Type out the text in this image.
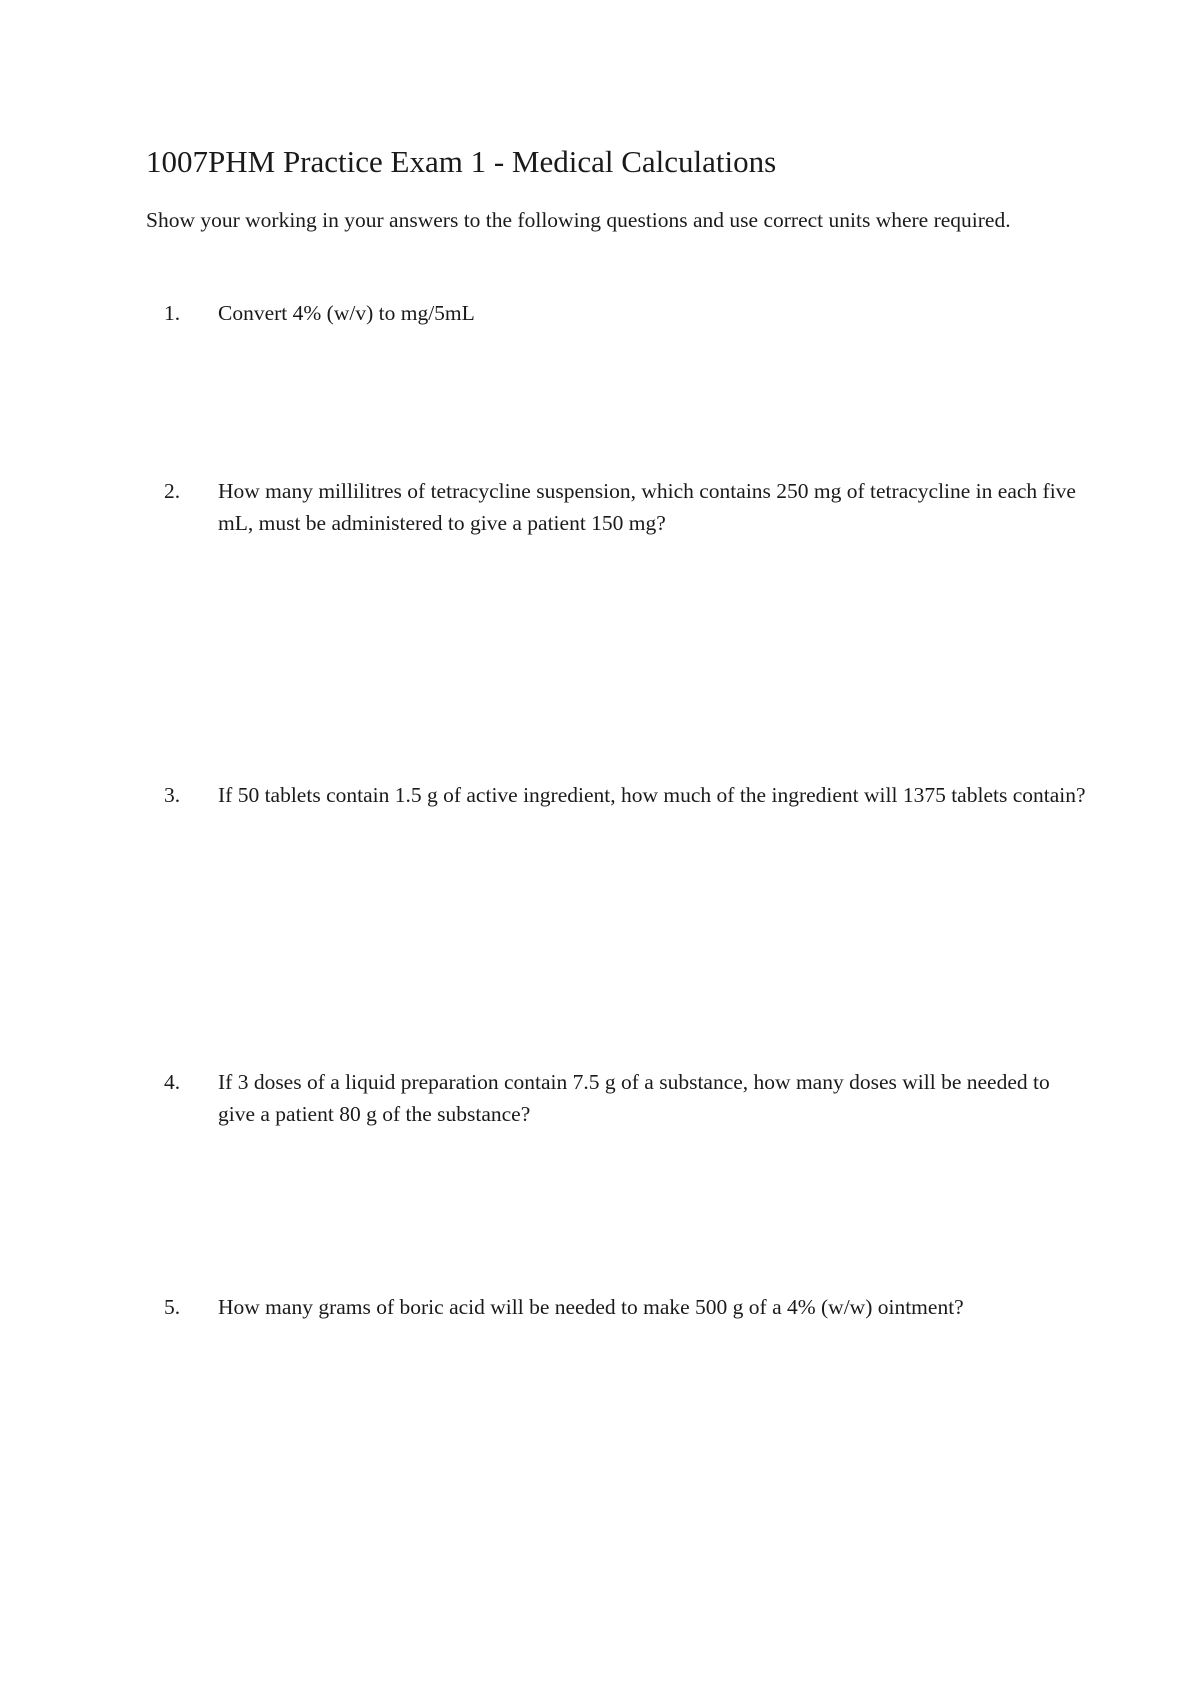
1007PHM Practice Exam 1 - Medical Calculations

Show your working in your answers to the following questions and use correct units where required.

1. Convert 4% (w/v) to mg/5mL
2. How many millilitres of tetracycline suspension, which contains 250 mg of tetracycline in each five mL, must be administered to give a patient 150 mg?
3. If 50 tablets contain 1.5 g of active ingredient, how much of the ingredient will 1375 tablets contain?
4. If 3 doses of a liquid preparation contain 7.5 g of a substance, how many doses will be needed to give a patient 80 g of the substance?
5. How many grams of boric acid will be needed to make 500 g of a 4% (w/w) ointment?
